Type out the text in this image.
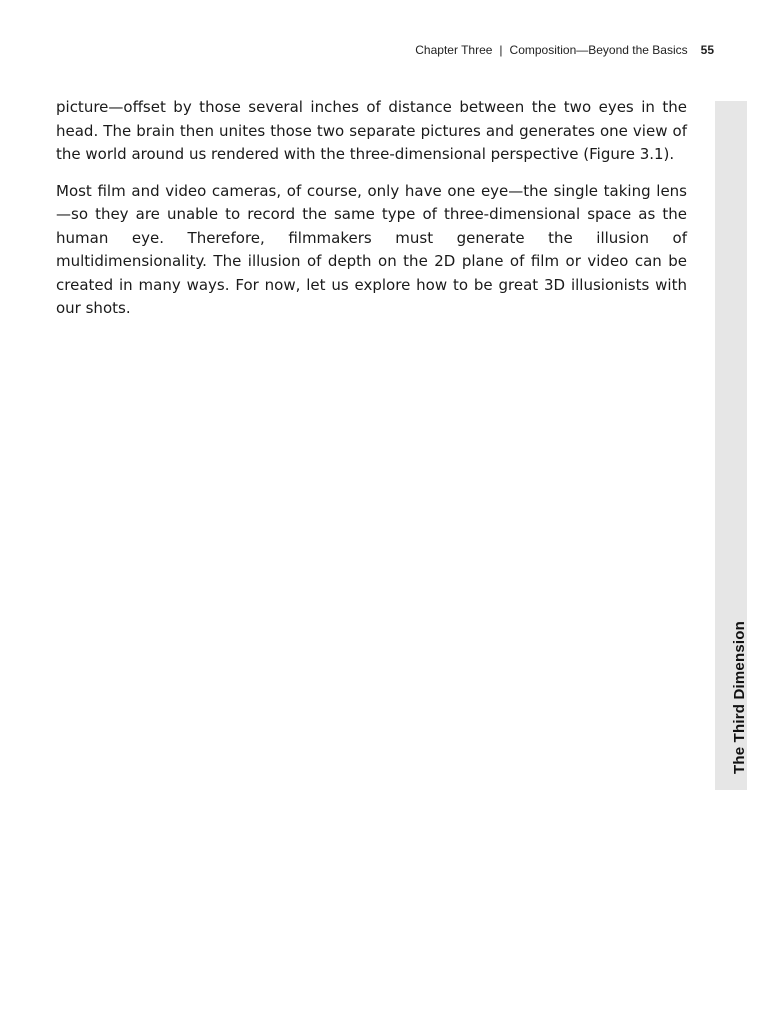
Chapter Three | Composition—Beyond the Basics 55

picture—offset by those several inches of distance between the two eyes in the head. The brain then unites those two separate pictures and generates one view of the world around us rendered with the three-dimensional perspective (Figure 3.1).

Most film and video cameras, of course, only have one eye—the single taking lens—so they are unable to record the same type of three-dimensional space as the human eye. Therefore, filmmakers must generate the illusion of multidimensionality. The illusion of depth on the 2D plane of film or video can be created in many ways. For now, let us explore how to be great 3D illusionists with our shots.

The Third Dimension
